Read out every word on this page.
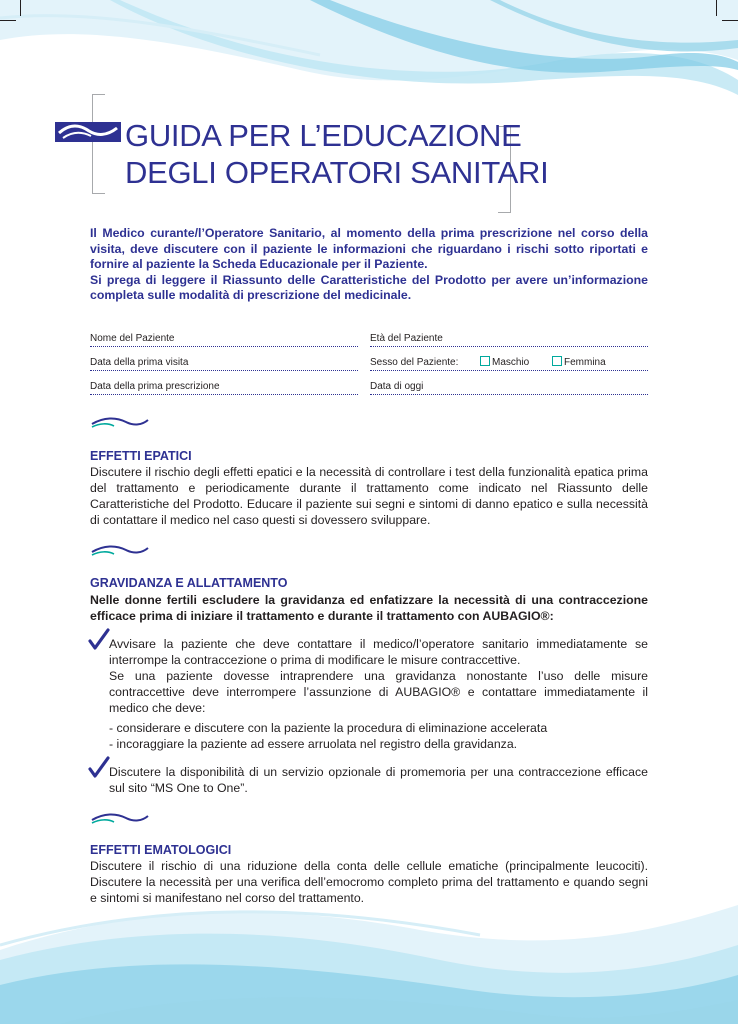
GUIDA PER L’EDUCAZIONE
DEGLI OPERATORI SANITARI

Il Medico curante/l’Operatore Sanitario, al momento della prima prescrizione nel corso della visita, deve discutere con il paziente le informazioni che riguardano i rischi sotto riportati e fornire al paziente la Scheda Educazionale per il Paziente.

Si prega di leggere il Riassunto delle Caratteristiche del Prodotto per avere un’informazione completa sulle modalità di prescrizione del medicinale.

Nome del Paziente	Età del Paziente
Data della prima visita	Sesso del Paziente:	Maschio	Femmina
Data della prima prescrizione	Data di oggi
EFFETTI EPATICI

Discutere il rischio degli effetti epatici e la necessità di controllare i test della funzionalità epatica prima del trattamento e periodicamente durante il trattamento come indicato nel Riassunto delle Caratteristiche del Prodotto. Educare il paziente sui segni e sintomi di danno epatico e sulla necessità di contattare il medico nel caso questi si dovessero sviluppare.

GRAVIDANZA E ALLATTAMENTO

Nelle donne fertili escludere la gravidanza ed enfatizzare la necessità di una contraccezione efficace prima di iniziare il trattamento e durante il trattamento con AUBAGIO®:

Avvisare la paziente che deve contattare il medico/l’operatore sanitario immediatamente se interrompe la contraccezione o prima di modificare le misure contraccettive.

Se una paziente dovesse intraprendere una gravidanza nonostante l’uso delle misure contraccettive deve interrompere l’assunzione di AUBAGIO® e contattare immediatamente il medico che deve:

- considerare e discutere con la paziente la procedura di eliminazione accelerata

- incoraggiare la paziente ad essere arruolata nel registro della gravidanza.

Discutere la disponibilità di un servizio opzionale di promemoria per una contraccezione efficace sul sito “MS One to One”.

EFFETTI EMATOLOGICI

Discutere il rischio di una riduzione della conta delle cellule ematiche (principalmente leucociti). Discutere la necessità per una verifica dell’emocromo completo prima del trattamento e quando segni e sintomi si manifestano nel corso del trattamento.
